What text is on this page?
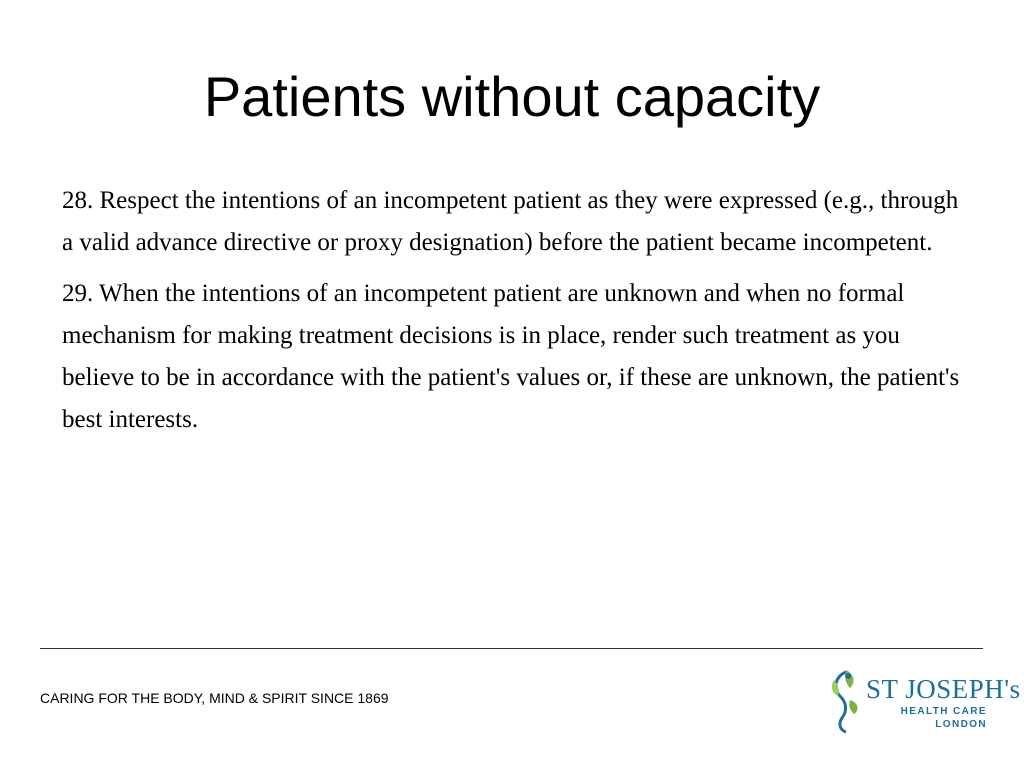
Patients without capacity

28. Respect the intentions of an incompetent patient as they were expressed (e.g., through a valid advance directive or proxy designation) before the patient became incompetent.

29. When the intentions of an incompetent patient are unknown and when no formal mechanism for making treatment decisions is in place, render such treatment as you believe to be in accordance with the patient's values or, if these are unknown, the patient's best interests.

CARING FOR THE BODY, MIND & SPIRIT SINCE 1869	ST JOSEPH's
HEALTH CARE
LONDON
